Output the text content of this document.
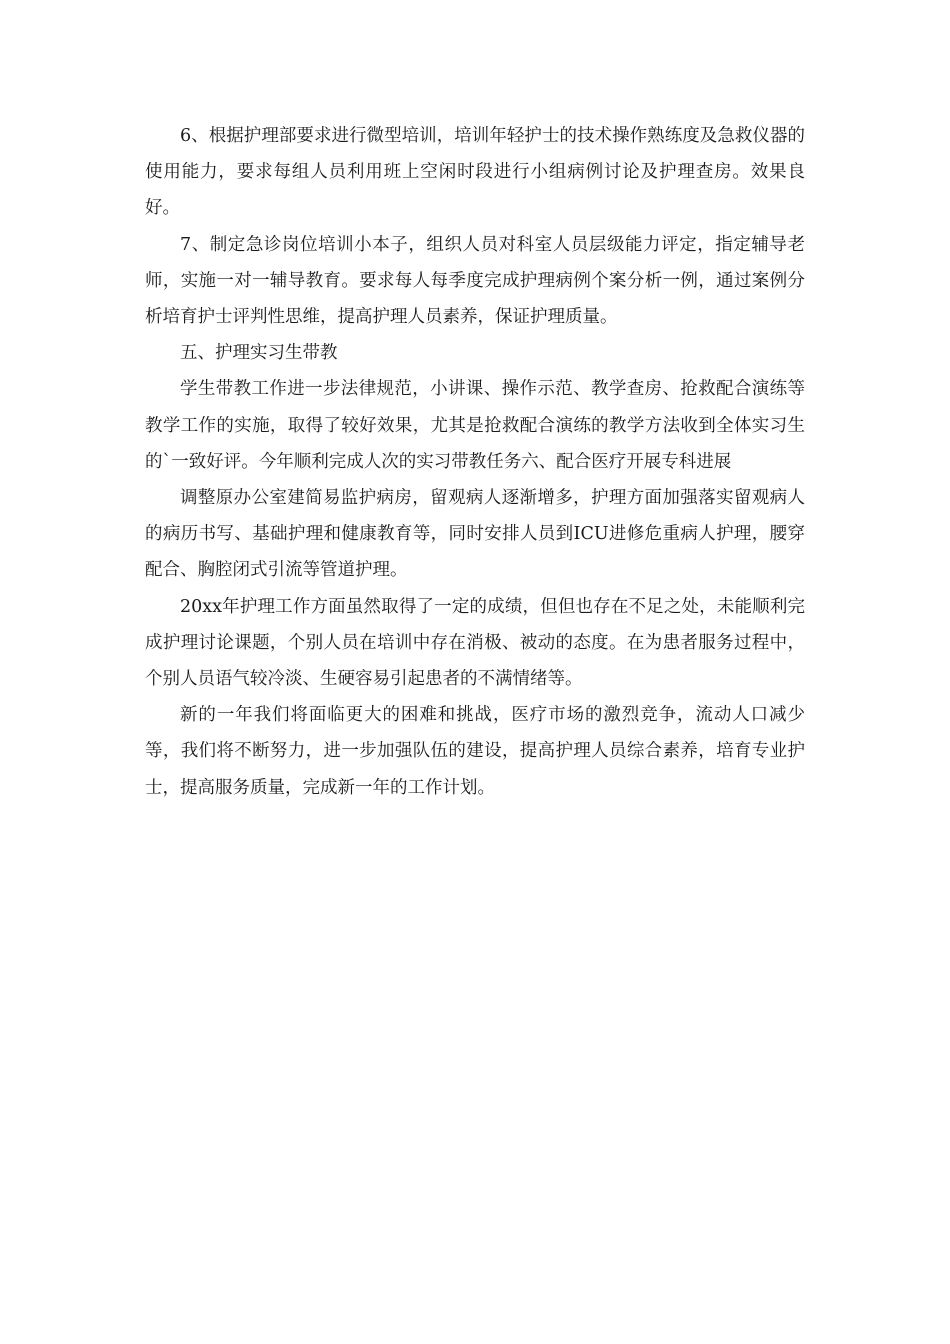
6、根据护理部要求进行微型培训，培训年轻护士的技术操作熟练度及急救仪器的使用能力，要求每组人员利用班上空闲时段进行小组病例讨论及护理查房。效果良好。

7、制定急诊岗位培训小本子，组织人员对科室人员层级能力评定，指定辅导老师，实施一对一辅导教育。要求每人每季度完成护理病例个案分析一例，通过案例分析培育护士评判性思维，提高护理人员素养，保证护理质量。

五、护理实习生带教

学生带教工作进一步法律规范，小讲课、操作示范、教学查房、抢救配合演练等教学工作的实施，取得了较好效果，尤其是抢救配合演练的教学方法收到全体实习生的`一致好评。今年顺利完成人次的实习带教任务六、配合医疗开展专科进展

调整原办公室建简易监护病房，留观病人逐渐增多，护理方面加强落实留观病人的病历书写、基础护理和健康教育等，同时安排人员到ICU进修危重病人护理，腰穿配合、胸腔闭式引流等管道护理。

20xx年护理工作方面虽然取得了一定的成绩，但但也存在不足之处，未能顺利完成护理讨论课题，个别人员在培训中存在消极、被动的态度。在为患者服务过程中，个别人员语气较冷淡、生硬容易引起患者的不满情绪等。

新的一年我们将面临更大的困难和挑战，医疗市场的激烈竞争，流动人口减少等，我们将不断努力，进一步加强队伍的建设，提高护理人员综合素养，培育专业护士，提高服务质量，完成新一年的工作计划。
